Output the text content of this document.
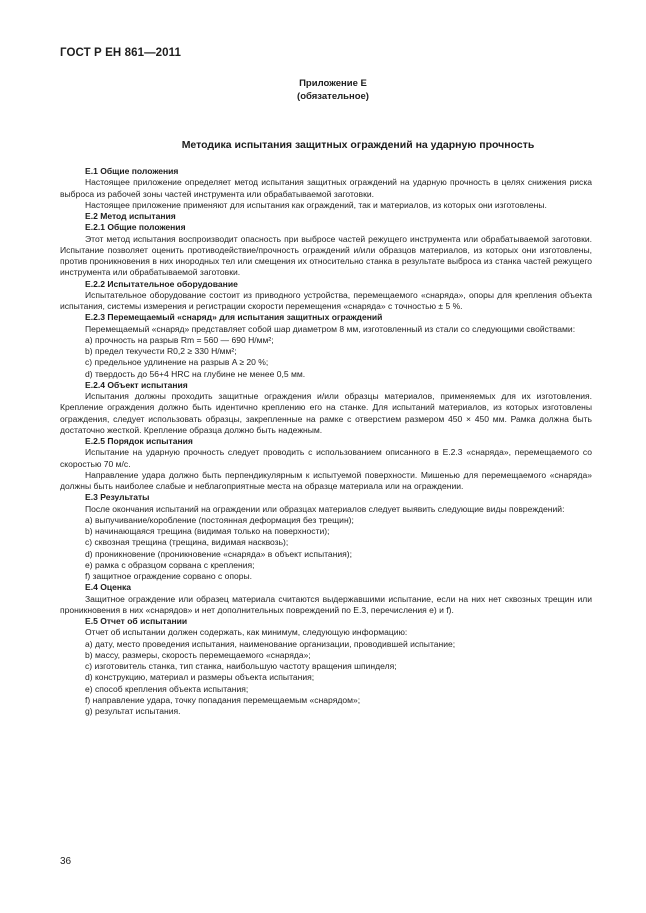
ГОСТ Р ЕН 861—2011
Приложение Е
(обязательное)
Методика испытания защитных ограждений на ударную прочность

Е.1 Общие положения

Настоящее приложение определяет метод испытания защитных ограждений на ударную прочность в целях снижения риска выброса из рабочей зоны частей инструмента или обрабатываемой заготовки.

Настоящее приложение применяют для испытания как ограждений, так и материалов, из которых они изготовлены.

Е.2 Метод испытания

Е.2.1 Общие положения

Этот метод испытания воспроизводит опасность при выбросе частей режущего инструмента или обрабатываемой заготовки. Испытание позволяет оценить противодействие/прочность ограждений и/или образцов материалов, из которых они изготовлены, против проникновения в них инородных тел или смещения их относительно станка в результате выброса из станка частей режущего инструмента или обрабатываемой заготовки.

Е.2.2 Испытательное оборудование

Испытательное оборудование состоит из приводного устройства, перемещаемого «снаряда», опоры для крепления объекта испытания, системы измерения и регистрации скорости перемещения «снаряда» с точностью ± 5 %.

Е.2.3 Перемещаемый «снаряд» для испытания защитных ограждений

Перемещаемый «снаряд» представляет собой шар диаметром 8 мм, изготовленный из стали со следующими свойствами:

а) прочность на разрыв Rm = 560 — 690 Н/мм²;

b) предел текучести R0,2 ≥ 330 Н/мм²;

c) предельное удлинение на разрыв A ≥ 20 %;

d) твердость до 56+4 HRC на глубине не менее 0,5 мм.

Е.2.4 Объект испытания

Испытания должны проходить защитные ограждения и/или образцы материалов, применяемых для их изготовления. Крепление ограждения должно быть идентично креплению его на станке. Для испытаний материалов, из которых изготовлены ограждения, следует использовать образцы, закрепленные на рамке с отверстием размером 450 × 450 мм. Рамка должна быть достаточно жесткой. Крепление образца должно быть надежным.

Е.2.5 Порядок испытания

Испытание на ударную прочность следует проводить с использованием описанного в Е.2.3 «снаряда», перемещаемого со скоростью 70 м/с.

Направление удара должно быть перпендикулярным к испытуемой поверхности. Мишенью для перемещаемого «снаряда» должны быть наиболее слабые и неблагоприятные места на образце материала или на ограждении.

Е.3 Результаты

После окончания испытаний на ограждении или образцах материалов следует выявить следующие виды повреждений:

а) выпучивание/коробление (постоянная деформация без трещин);

b) начинающаяся трещина (видимая только на поверхности);

c) сквозная трещина (трещина, видимая насквозь);

d) проникновение (проникновение «снаряда» в объект испытания);

e) рамка с образцом сорвана с крепления;

f) защитное ограждение сорвано с опоры.

Е.4 Оценка

Защитное ограждение или образец материала считаются выдержавшими испытание, если на них нет сквозных трещин или проникновения в них «снарядов» и нет дополнительных повреждений по Е.3, перечисления е) и f).

Е.5 Отчет об испытании

Отчет об испытании должен содержать, как минимум, следующую информацию:

а) дату, место проведения испытания, наименование организации, проводившей испытание;

b) массу, размеры, скорость перемещаемого «снаряда»;

c) изготовитель станка, тип станка, наибольшую частоту вращения шпинделя;

d) конструкцию, материал и размеры объекта испытания;

e) способ крепления объекта испытания;

f) направление удара, точку попадания перемещаемым «снарядом»;

g) результат испытания.

36
